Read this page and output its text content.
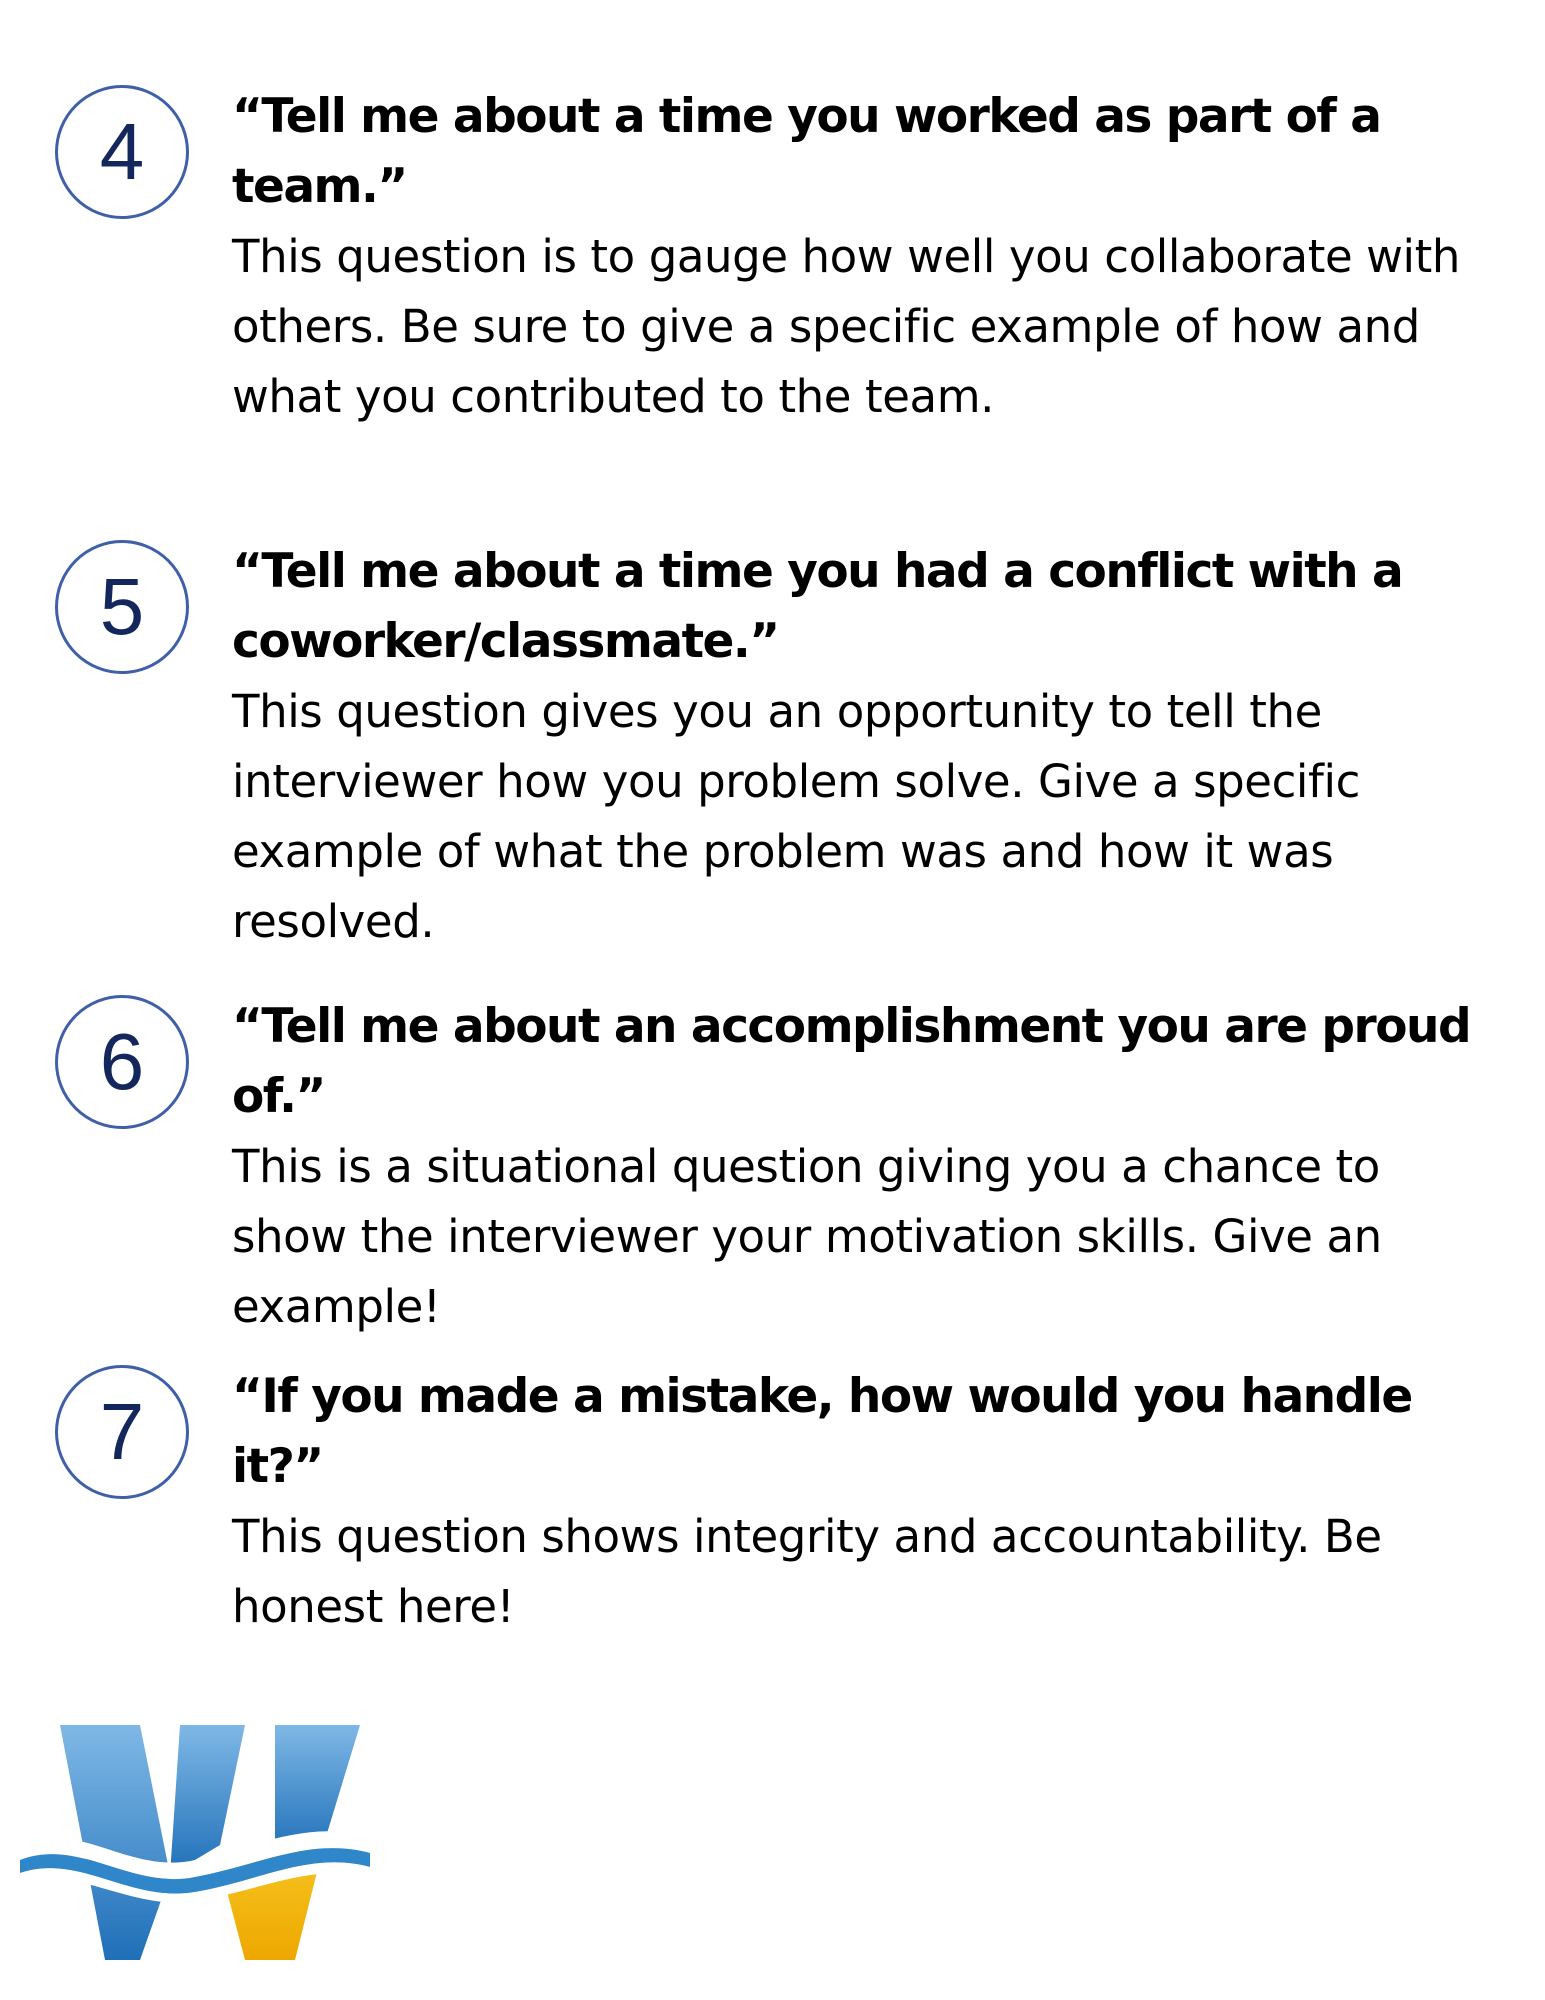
4	“Tell me about a time you worked as part of a team.”

This question is to gauge how well you collaborate with others. Be sure to give a specific example of how and what you contributed to the team.

5	“Tell me about a time you had a conflict with a coworker/classmate.”

This question gives you an opportunity to tell the interviewer how you problem solve. Give a specific example of what the problem was and how it was resolved.

6	“Tell me about an accomplishment you are proud of.”

This is a situational question giving you a chance to show the interviewer your motivation skills. Give an example!

7	“If you made a mistake, how would you handle it?”

This question shows integrity and accountability. Be honest here!
